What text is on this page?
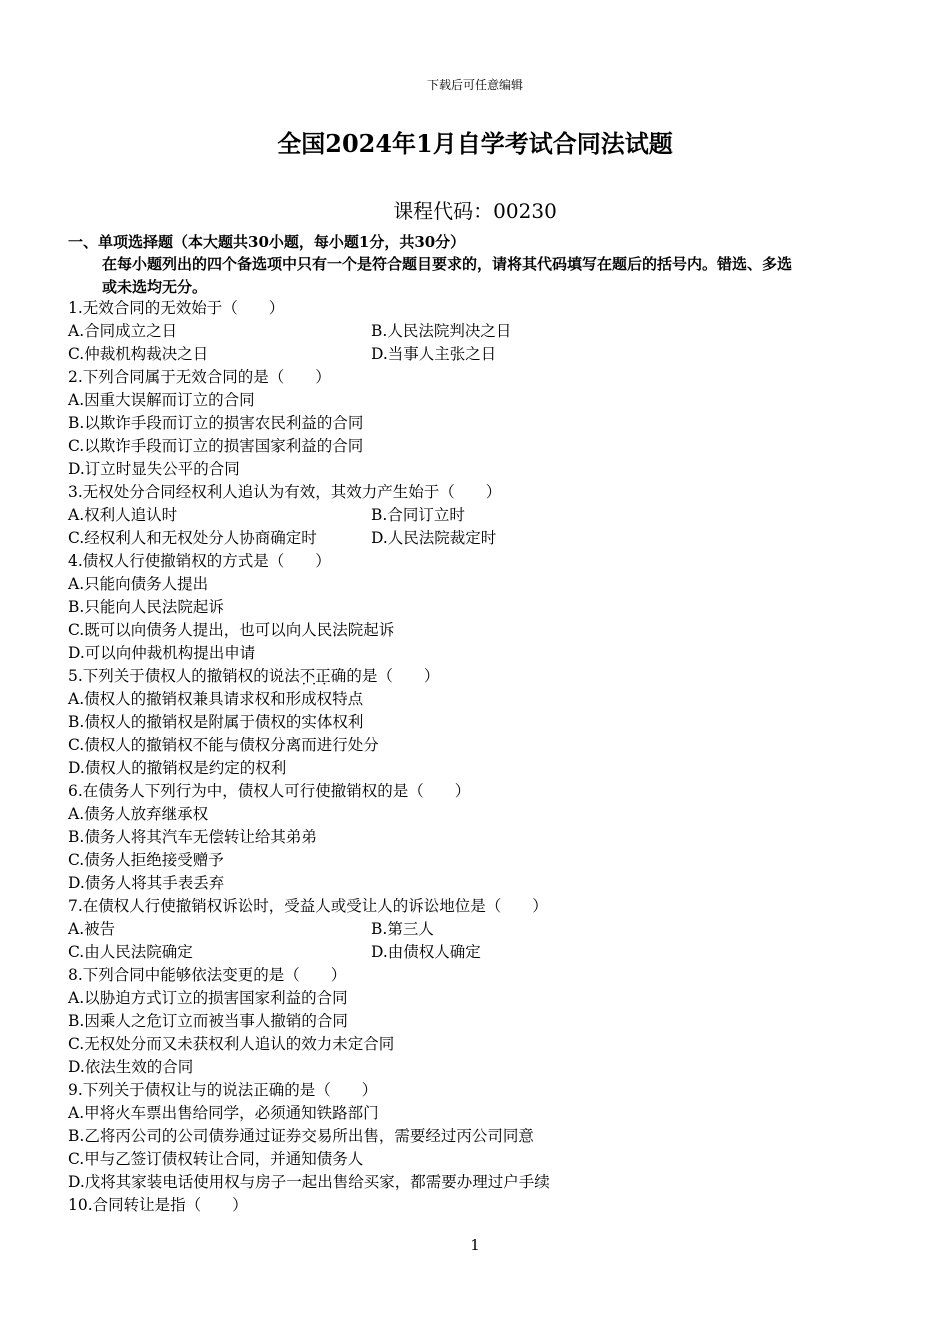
下载后可任意编辑
全国2024年1月自学考试合同法试题
课程代码：00230
一、单项选择题（本大题共30小题，每小题1分，共30分）
在每小题列出的四个备选项中只有一个是符合题目要求的，请将其代码填写在题后的括号内。错选、多选
或未选均无分。
1.无效合同的无效始于（　　）
A.合同成立之日	B.人民法院判决之日
C.仲裁机构裁决之日	D.当事人主张之日
2.下列合同属于无效合同的是（　　）
A.因重大误解而订立的合同
B.以欺诈手段而订立的损害农民利益的合同
C.以欺诈手段而订立的损害国家利益的合同
D.订立时显失公平的合同
3.无权处分合同经权利人追认为有效，其效力产生始于（　　）
A.权利人追认时	B.合同订立时
C.经权利人和无权处分人协商确定时	D.人民法院裁定时
4.债权人行使撤销权的方式是（　　）
A.只能向债务人提出
B.只能向人民法院起诉
C.既可以向债务人提出，也可以向人民法院起诉
D.可以向仲裁机构提出申请
5.下列关于债权人的撤销权的说法不正确 · · ·的是（　　）
A.债权人的撤销权兼具请求权和形成权特点
B.债权人的撤销权是附属于债权的实体权利
C.债权人的撤销权不能与债权分离而进行处分
D.债权人的撤销权是约定的权利
6.在债务人下列行为中，债权人可行使撤销权的是（　　）
A.债务人放弃继承权
B.债务人将其汽车无偿转让给其弟弟
C.债务人拒绝接受赠予
D.债务人将其手表丢弃
7.在债权人行使撤销权诉讼时，受益人或受让人的诉讼地位是（　　）
A.被告	B.第三人
C.由人民法院确定	D.由债权人确定
8.下列合同中能够依法变更的是（　　）
A.以胁迫方式订立的损害国家利益的合同
B.因乘人之危订立而被当事人撤销的合同
C.无权处分而又未获权利人追认的效力未定合同
D.依法生效的合同
9.下列关于债权让与的说法正确的是（　　）
A.甲将火车票出售给同学，必须通知铁路部门
B.乙将丙公司的公司债券通过证券交易所出售，需要经过丙公司同意
C.甲与乙签订债权转让合同，并通知债务人
D.戊将其家装电话使用权与房子一起出售给买家，都需要办理过户手续
10.合同转让是指（　　）
1
